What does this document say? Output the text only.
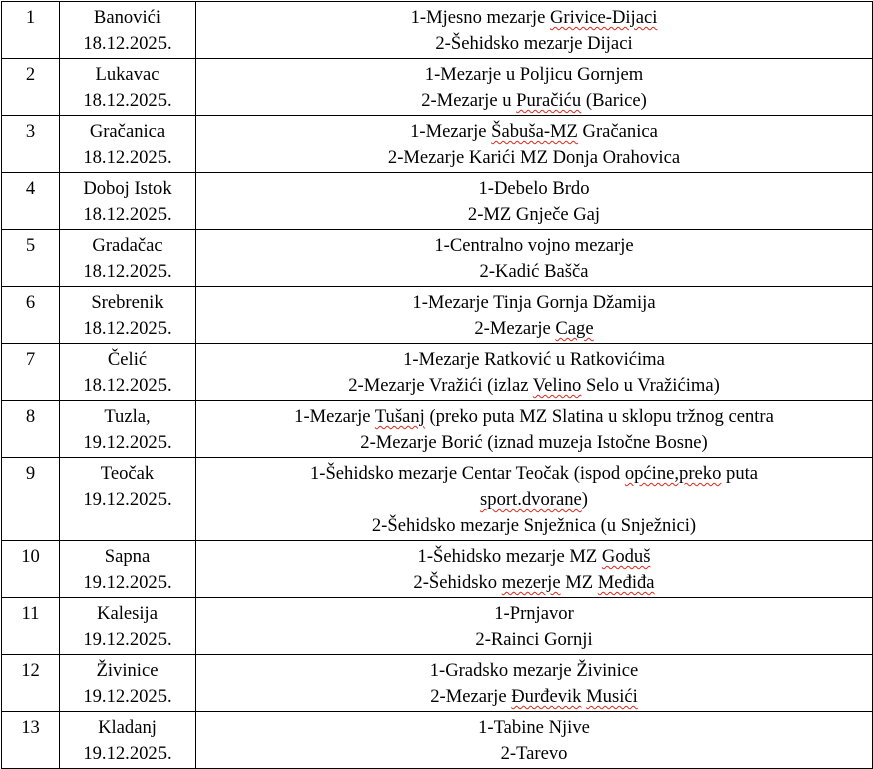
1	Banovići
18.12.2025.	1-Mjesno mezarje Grivice-Dijaci
2-Šehidsko mezarje Dijaci

2	Lukavac
18.12.2025.	1-Mezarje u Poljicu Gornjem
2-Mezarje u Puračiću (Barice)

3	Gračanica
18.12.2025.	1-Mezarje Šabuša-MZ Gračanica
2-Mezarje Karići MZ Donja Orahovica

4	Doboj Istok
18.12.2025.	1-Debelo Brdo
2-MZ Gnječe Gaj

5	Gradačac
18.12.2025.	1-Centralno vojno mezarje
2-Kadić Bašča

6	Srebrenik
18.12.2025.	1-Mezarje Tinja Gornja Džamija
2-Mezarje Cage

7	Čelić
18.12.2025.	1-Mezarje Ratković u Ratkovićima
2-Mezarje Vražići (izlaz Velino Selo u Vražićima)

8	Tuzla,
19.12.2025.	1-Mezarje Tušanj (preko puta MZ Slatina u sklopu tržnog centra
2-Mezarje Borić (iznad muzeja Istočne Bosne)

9	Teočak
19.12.2025.	1-Šehidsko mezarje Centar Teočak (ispod općine,preko puta
sport.dvorane)
2-Šehidsko mezarje Snježnica (u Snježnici)

10	Sapna
19.12.2025.	1-Šehidsko mezarje MZ Goduš
2-Šehidsko mezerje MZ Međiđa

11	Kalesija
19.12.2025.	1-Prnjavor
2-Rainci Gornji

12	Živinice
19.12.2025.	1-Gradsko mezarje Živinice
2-Mezarje Đurđevik Musići

13	Kladanj
19.12.2025.	1-Tabine Njive
2-Tarevo
